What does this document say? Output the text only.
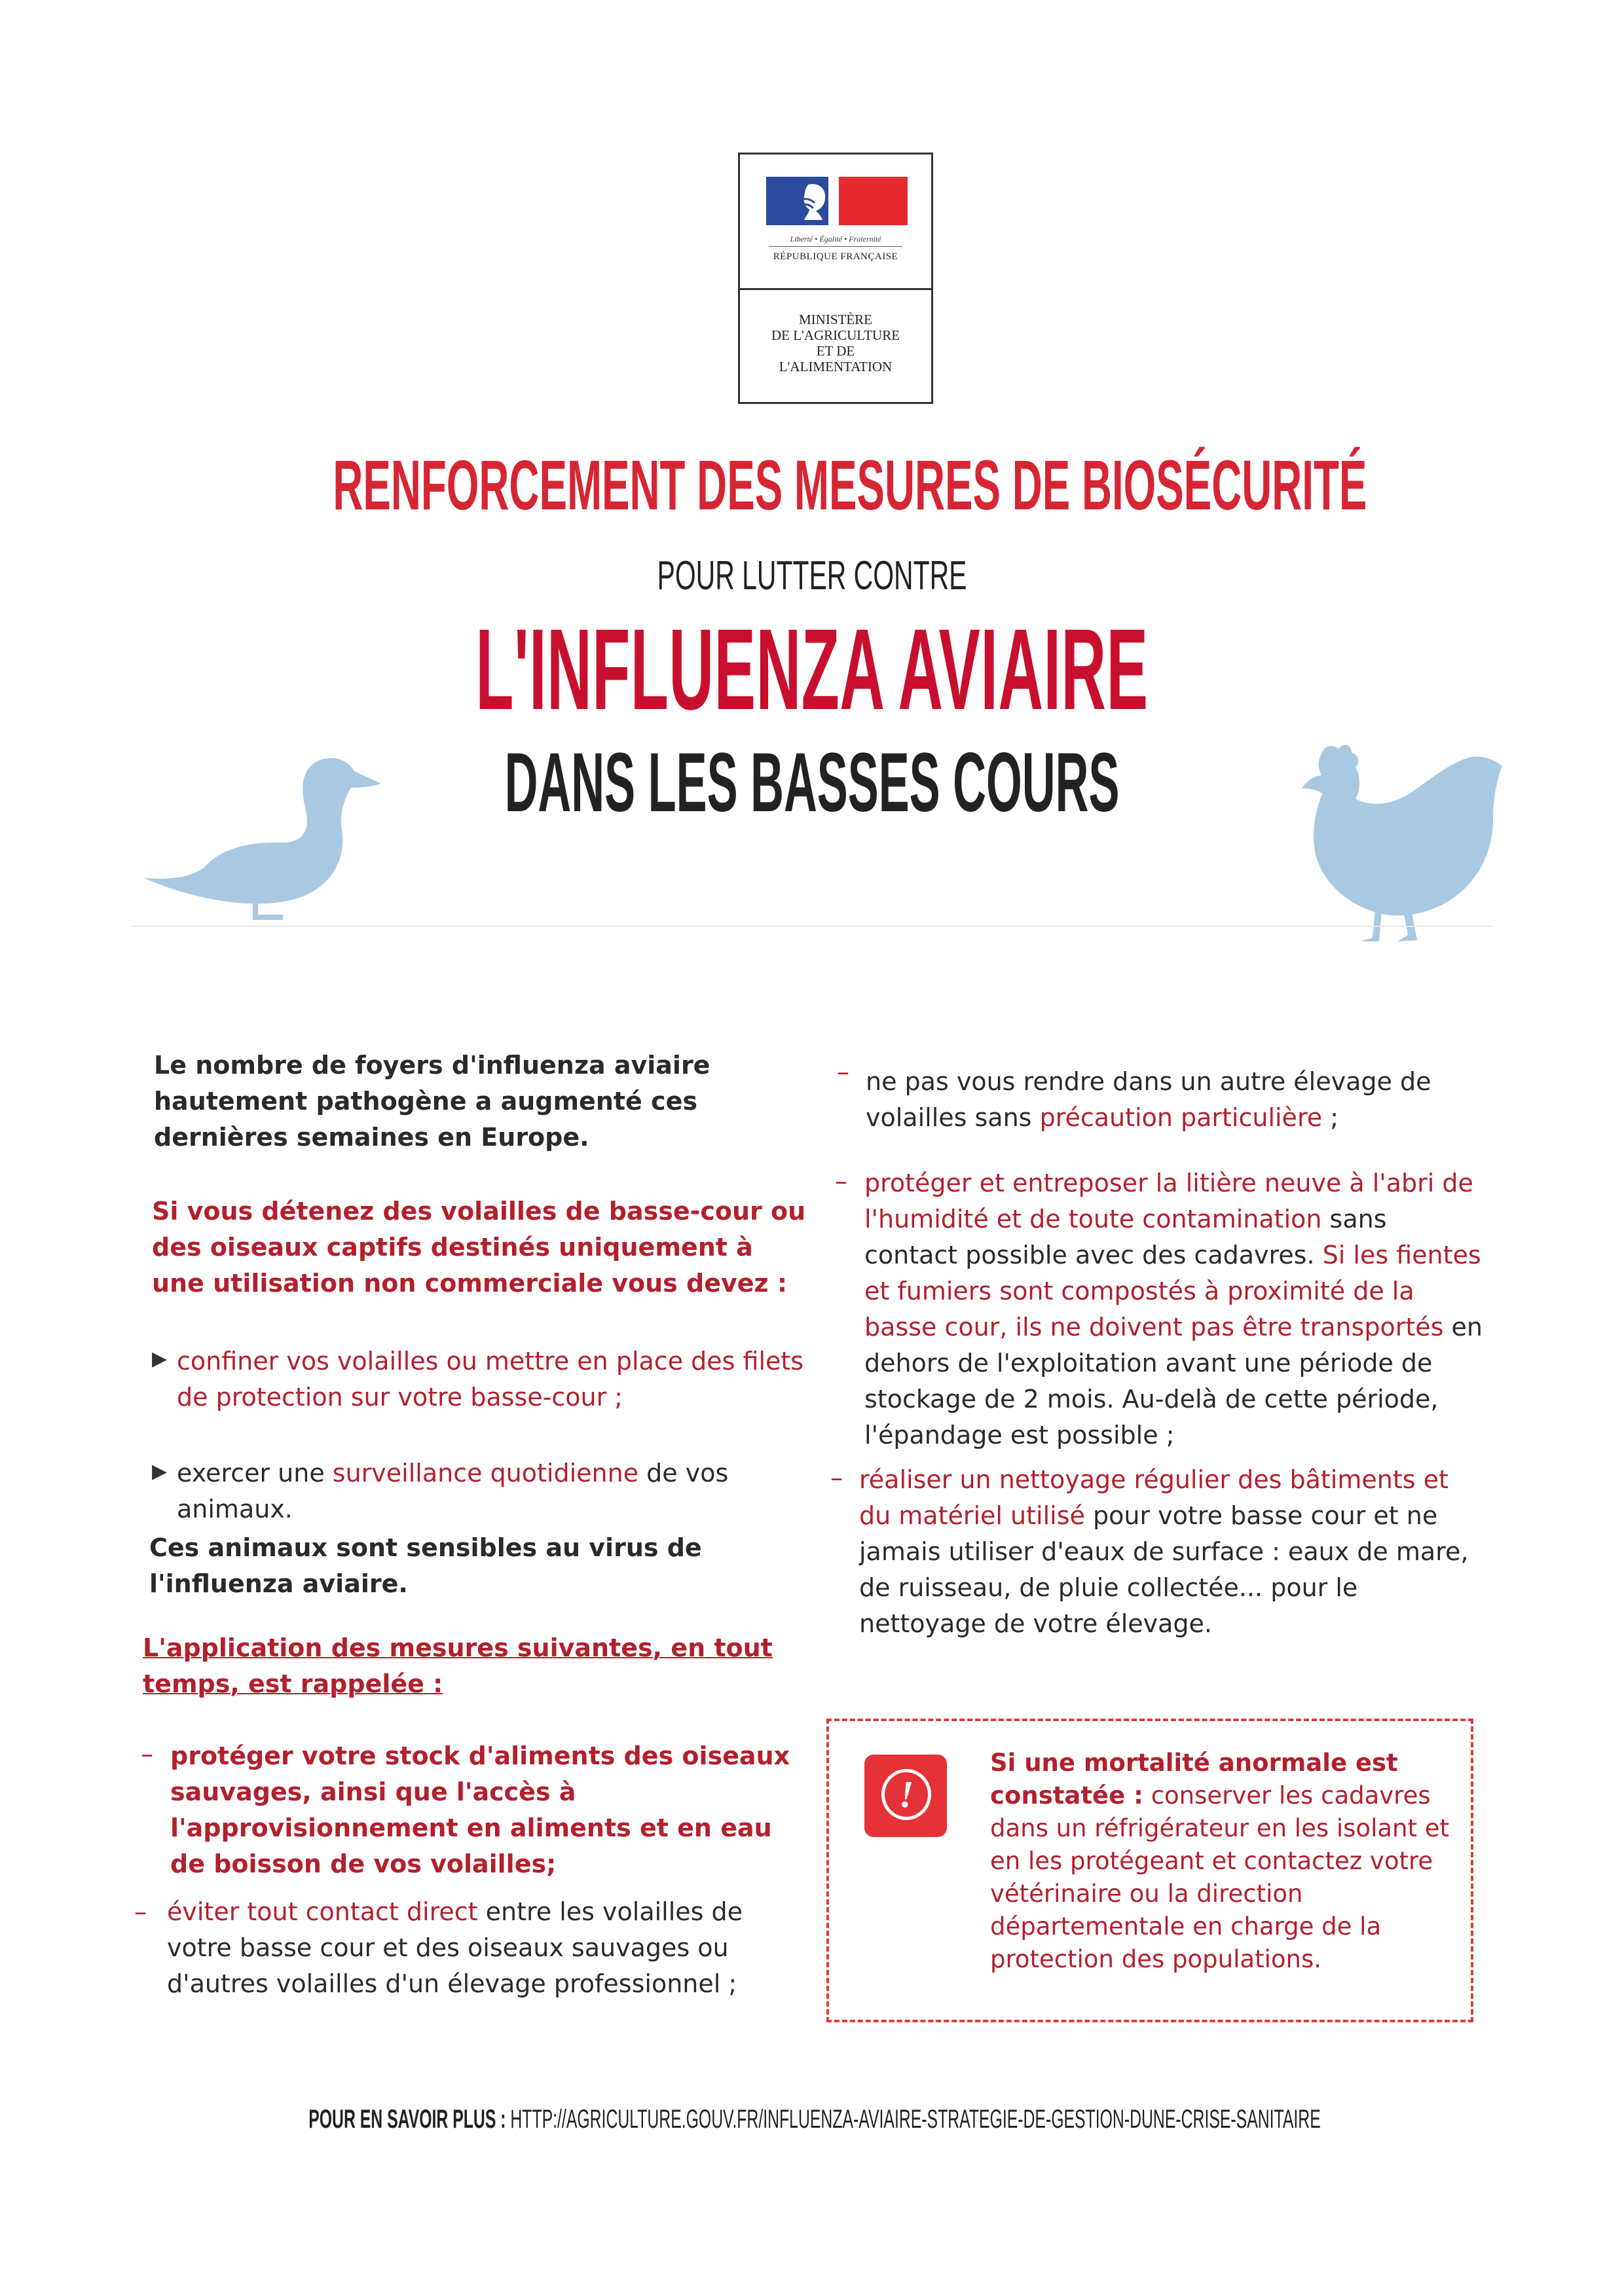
Liberté • Égalité • Fraternité
RÉPUBLIQUE FRANÇAISE
MINISTÈRE
DE L'AGRICULTURE
ET DE
L'ALIMENTATION
RENFORCEMENT DES MESURES DE BIOSÉCURITÉ
POUR LUTTER CONTRE
L'INFLUENZA AVIAIRE
DANS LES BASSES COURS
Le nombre de foyers d'influenza aviaire hautement pathogène a augmenté ces dernières semaines en Europe.
Si vous détenez des volailles de basse-cour ou des oiseaux captifs destinés uniquement à une utilisation non commerciale vous devez :
▶ confiner vos volailles ou mettre en place des filets de protection sur votre basse-cour ;
▶ exercer une surveillance quotidienne de vos animaux.
Ces animaux sont sensibles au virus de l'influenza aviaire.
L'application des mesures suivantes, en tout temps, est rappelée :
– protéger votre stock d'aliments des oiseaux sauvages, ainsi que l'accès à l'approvisionnement en aliments et en eau de boisson de vos volailles;
– éviter tout contact direct entre les volailles de votre basse cour et des oiseaux sauvages ou d'autres volailles d'un élevage professionnel ;
– ne pas vous rendre dans un autre élevage de volailles sans précaution particulière ;
– protéger et entreposer la litière neuve à l'abri de l'humidité et de toute contamination sans contact possible avec des cadavres. Si les fientes et fumiers sont compostés à proximité de la basse cour, ils ne doivent pas être transportés en dehors de l'exploitation avant une période de stockage de 2 mois. Au-delà de cette période, l'épandage est possible ;
– réaliser un nettoyage régulier des bâtiments et du matériel utilisé pour votre basse cour et ne jamais utiliser d'eaux de surface : eaux de mare, de ruisseau, de pluie collectée... pour le nettoyage de votre élevage.
!
Si une mortalité anormale est constatée : conserver les cadavres dans un réfrigérateur en les isolant et en les protégeant et contactez votre vétérinaire ou la direction départementale en charge de la protection des populations.
POUR EN SAVOIR PLUS : HTTP://AGRICULTURE.GOUV.FR/INFLUENZA-AVIAIRE-STRATEGIE-DE-GESTION-DUNE-CRISE-SANITAIRE
